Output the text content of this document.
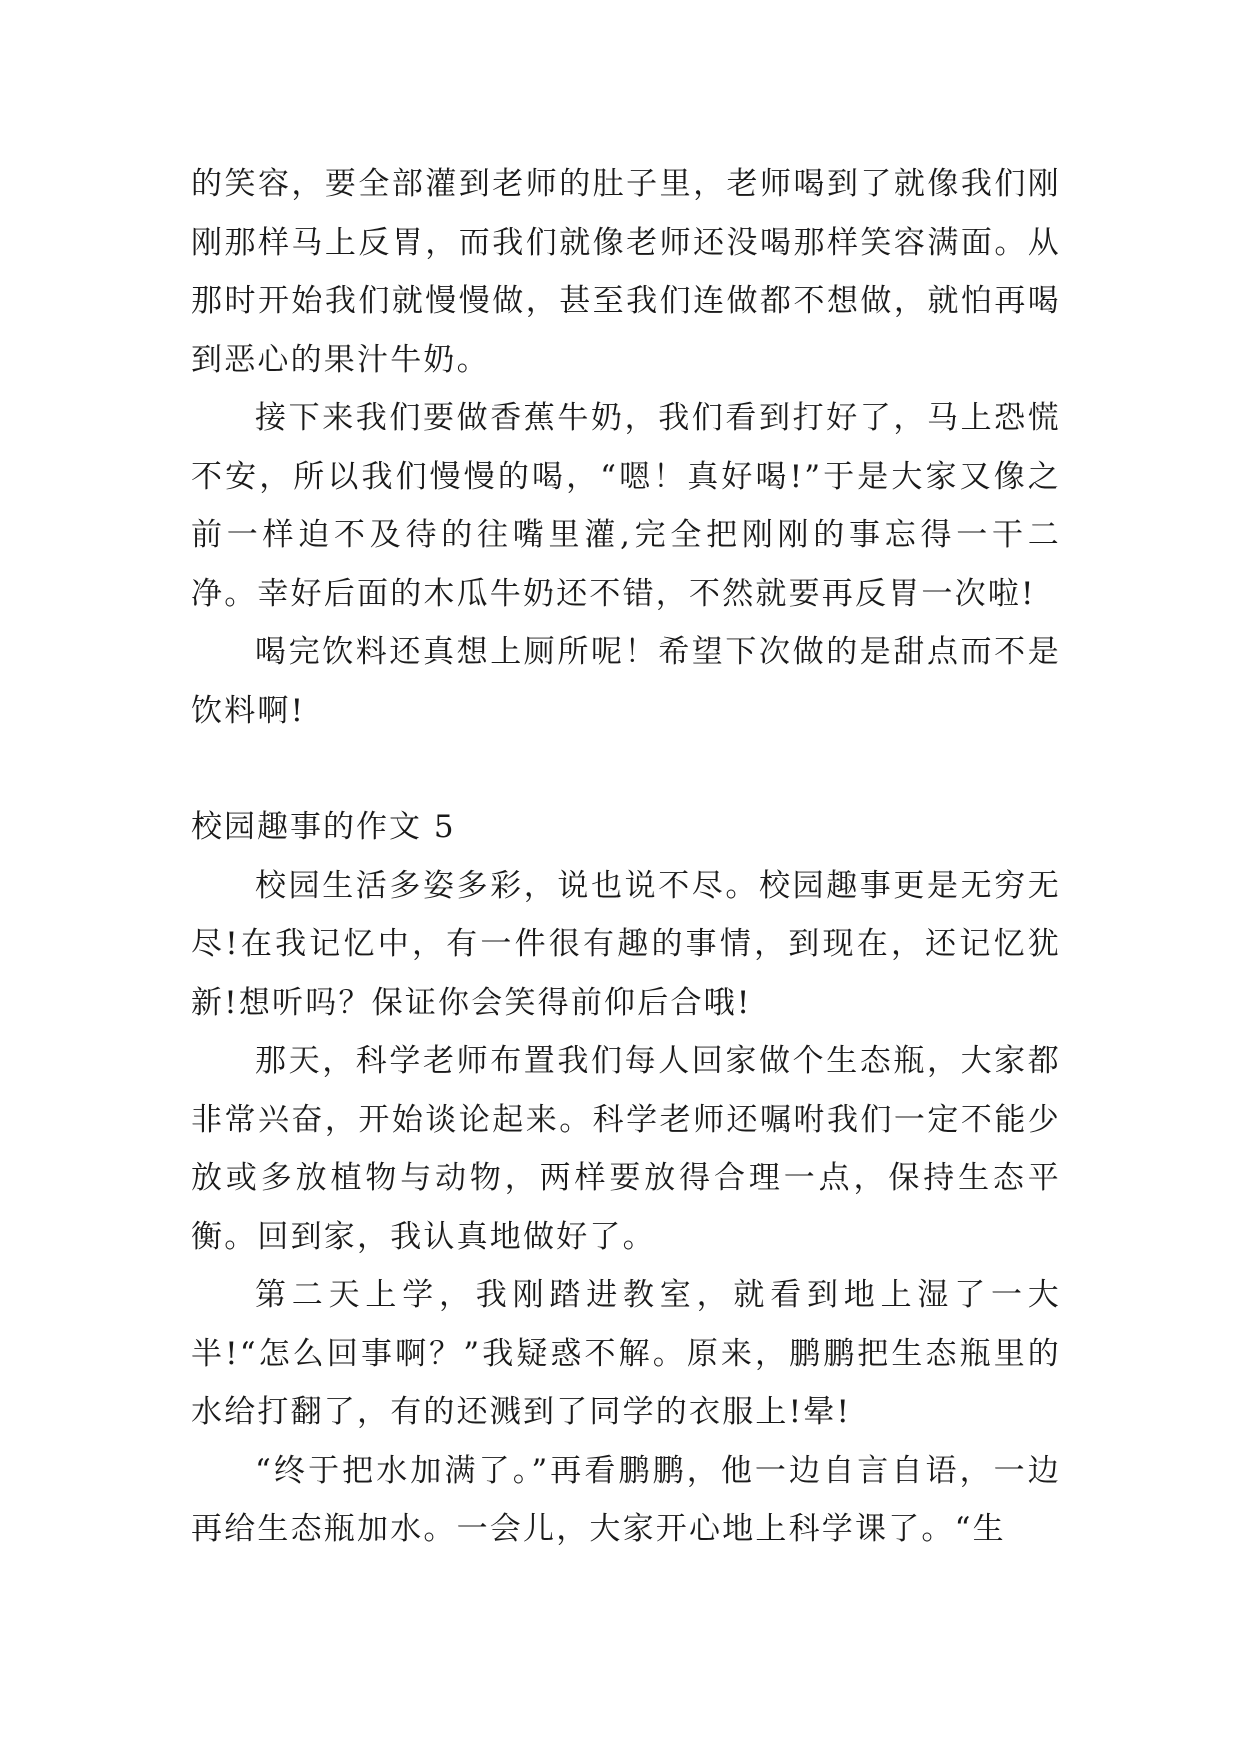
的笑容，要全部灌到老师的肚子里，老师喝到了就像我们刚刚那样马上反胃，而我们就像老师还没喝那样笑容满面。从那时开始我们就慢慢做，甚至我们连做都不想做，就怕再喝到恶心的果汁牛奶。

接下来我们要做香蕉牛奶，我们看到打好了，马上恐慌不安，所以我们慢慢的喝，“嗯！真好喝!”于是大家又像之前一样迫不及待的往嘴里灌,完全把刚刚的事忘得一干二净。幸好后面的木瓜牛奶还不错，不然就要再反胃一次啦!

喝完饮料还真想上厕所呢！希望下次做的是甜点而不是饮料啊!

校园趣事的作文 5

校园生活多姿多彩，说也说不尽。校园趣事更是无穷无尽!在我记忆中，有一件很有趣的事情，到现在，还记忆犹新!想听吗？保证你会笑得前仰后合哦!

那天，科学老师布置我们每人回家做个生态瓶，大家都非常兴奋，开始谈论起来。科学老师还嘱咐我们一定不能少放或多放植物与动物，两样要放得合理一点，保持生态平衡。回到家，我认真地做好了。

第二天上学，我刚踏进教室，就看到地上湿了一大半!“怎么回事啊？”我疑惑不解。原来，鹏鹏把生态瓶里的水给打翻了，有的还溅到了同学的衣服上!晕!

“终于把水加满了。”再看鹏鹏，他一边自言自语，一边再给生态瓶加水。一会儿，大家开心地上科学课了。“生
